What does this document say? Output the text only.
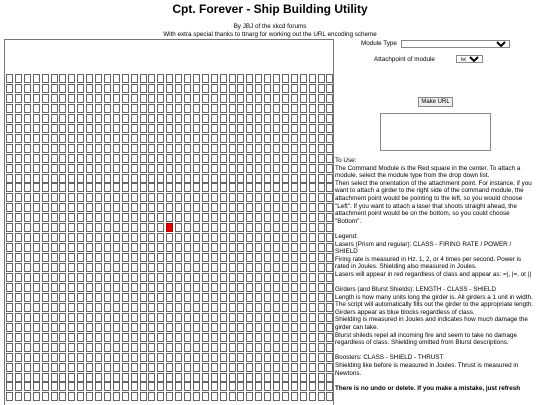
Cpt. Forever - Ship Building Utility
By JBJ of the xkcd forums
With extra special thanks to ttnarg for working out the URL encoding scheme
Module Type
Attachpoint of module
left
Make URL

To Use:

The Command Module is the Red square in the center. To attach a module, select the module type from the drop down list.

Then select the orientation of the attachment point. For instance, if you want to attach a girder to the right side of the command module, the attachment point would be pointing to the left, so you would choose "Left". If you want to attach a laser that shoots straight ahead, the attachment point would be on the bottom, so you could choose "Bottom".

Legend:

Lasers (Prism and regular): CLASS - FIRING RATE / POWER / SHIELD

Firing rate is measured in Hz. 1, 2, or 4 times per second. Power is rated in Joules. Shielding also measured in Joules.

Lasers will appear in red regardless of class and appear as: =|, |=, or ||

Girders (and Blurst Shields): LENGTH - CLASS - SHIELD

Length is how many units long the girder is. All girders a 1 unit in width. The script will automatically fills out the girder to the appropriate length. Girders appear as blue blocks regardless of class.

Shielding is measured in Joules and indicates how much damage the girder can take.

Blurst shileds repel all incoming fire and seem to take no damage regardless of class. Shielding omitted from Blurst descriptions.

Boosters: CLASS - SHIELD - THRUST

Shielding like before is measured in Joules. Thrust is measured in Newtons.

There is no undo or delete. If you make a mistake, just refresh
